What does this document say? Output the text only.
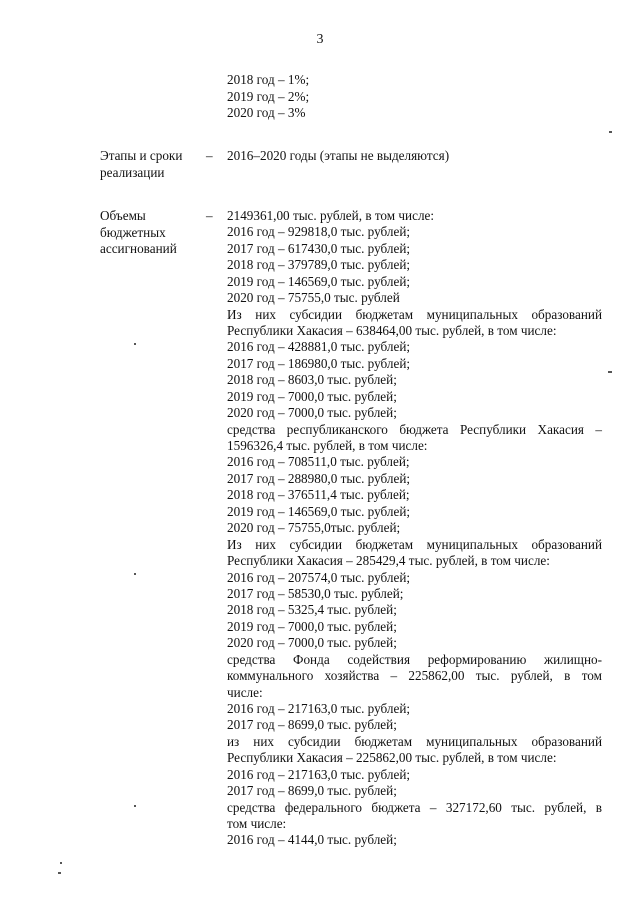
3
2018 год – 1%;
2019 год – 2%;
2020 год – 3%
Этапы и сроки
реализации
– 2016–2020 годы (этапы не выделяются)
Объемы
бюджетных
ассигнований
– 2149361,00 тыс. рублей, в том числе:
2016 год – 929818,0 тыс. рублей;
2017 год – 617430,0 тыс. рублей;
2018 год – 379789,0 тыс. рублей;
2019 год – 146569,0 тыс. рублей;
2020 год – 75755,0 тыс. рублей
Из них субсидии бюджетам муниципальных образований
Республики Хакасия – 638464,00 тыс. рублей, в том числе:
2016 год – 428881,0 тыс. рублей;
2017 год – 186980,0 тыс. рублей;
2018 год – 8603,0 тыс. рублей;
2019 год – 7000,0 тыс. рублей;
2020 год – 7000,0 тыс. рублей;
средства республиканского бюджета Республики Хакасия –
1596326,4 тыс. рублей, в том числе:
2016 год – 708511,0 тыс. рублей;
2017 год – 288980,0 тыс. рублей;
2018 год – 376511,4 тыс. рублей;
2019 год – 146569,0 тыс. рублей;
2020 год – 75755,0тыс. рублей;
Из них субсидии бюджетам муниципальных образований
Республики Хакасия – 285429,4 тыс. рублей, в том числе:
2016 год – 207574,0 тыс. рублей;
2017 год – 58530,0 тыс. рублей;
2018 год – 5325,4 тыс. рублей;
2019 год – 7000,0 тыс. рублей;
2020 год – 7000,0 тыс. рублей;
средства Фонда содействия реформированию жилищно-
коммунального хозяйства – 225862,00 тыс. рублей, в том
числе:
2016 год – 217163,0 тыс. рублей;
2017 год – 8699,0 тыс. рублей;
из них субсидии бюджетам муниципальных образований
Республики Хакасия – 225862,00 тыс. рублей, в том числе:
2016 год – 217163,0 тыс. рублей;
2017 год – 8699,0 тыс. рублей;
средства федерального бюджета – 327172,60 тыс. рублей, в
том числе:
2016 год – 4144,0 тыс. рублей;
